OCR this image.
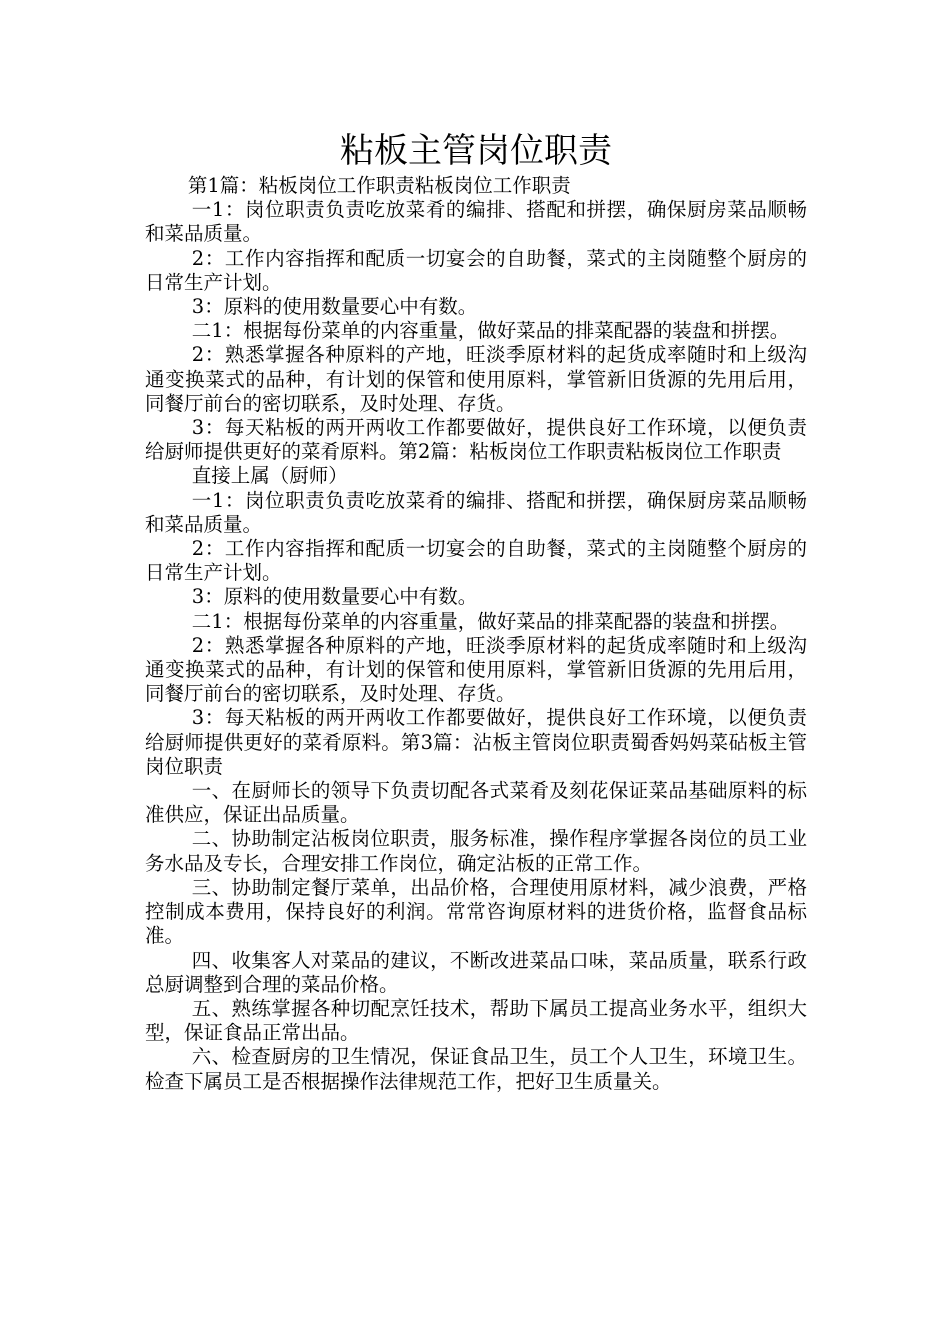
粘板主管岗位职责

第1篇：粘板岗位工作职责粘板岗位工作职责

一1：岗位职责负责吃放菜肴的编排、搭配和拼摆，确保厨房菜品顺畅和菜品质量。

2：工作内容指挥和配质一切宴会的自助餐，菜式的主岗随整个厨房的日常生产计划。

3：原料的使用数量要心中有数。

二1：根据每份菜单的内容重量，做好菜品的排菜配器的装盘和拼摆。

2：熟悉掌握各种原料的产地，旺淡季原材料的起货成率随时和上级沟通变换菜式的品种，有计划的保管和使用原料，掌管新旧货源的先用后用，同餐厅前台的密切联系，及时处理、存货。

3：每天粘板的两开两收工作都要做好，提供良好工作环境，以便负责给厨师提供更好的菜肴原料。第2篇：粘板岗位工作职责粘板岗位工作职责

直接上属（厨师）

一1：岗位职责负责吃放菜肴的编排、搭配和拼摆，确保厨房菜品顺畅和菜品质量。

2：工作内容指挥和配质一切宴会的自助餐，菜式的主岗随整个厨房的日常生产计划。

3：原料的使用数量要心中有数。

二1：根据每份菜单的内容重量，做好菜品的排菜配器的装盘和拼摆。

2：熟悉掌握各种原料的产地，旺淡季原材料的起货成率随时和上级沟通变换菜式的品种，有计划的保管和使用原料，掌管新旧货源的先用后用，同餐厅前台的密切联系，及时处理、存货。

3：每天粘板的两开两收工作都要做好，提供良好工作环境，以便负责给厨师提供更好的菜肴原料。第3篇：沾板主管岗位职责蜀香妈妈菜砧板主管岗位职责

一、在厨师长的领导下负责切配各式菜肴及刻花保证菜品基础原料的标准供应，保证出品质量。

二、协助制定沾板岗位职责，服务标准，操作程序掌握各岗位的员工业务水品及专长，合理安排工作岗位，确定沾板的正常工作。

三、协助制定餐厅菜单，出品价格，合理使用原材料，减少浪费，严格控制成本费用，保持良好的利润。常常咨询原材料的进货价格，监督食品标准。

四、收集客人对菜品的建议，不断改进菜品口味，菜品质量，联系行政总厨调整到合理的菜品价格。

五、熟练掌握各种切配烹饪技术，帮助下属员工提高业务水平，组织大型，保证食品正常出品。

六、检查厨房的卫生情况，保证食品卫生，员工个人卫生，环境卫生。检查下属员工是否根据操作法律规范工作，把好卫生质量关。
